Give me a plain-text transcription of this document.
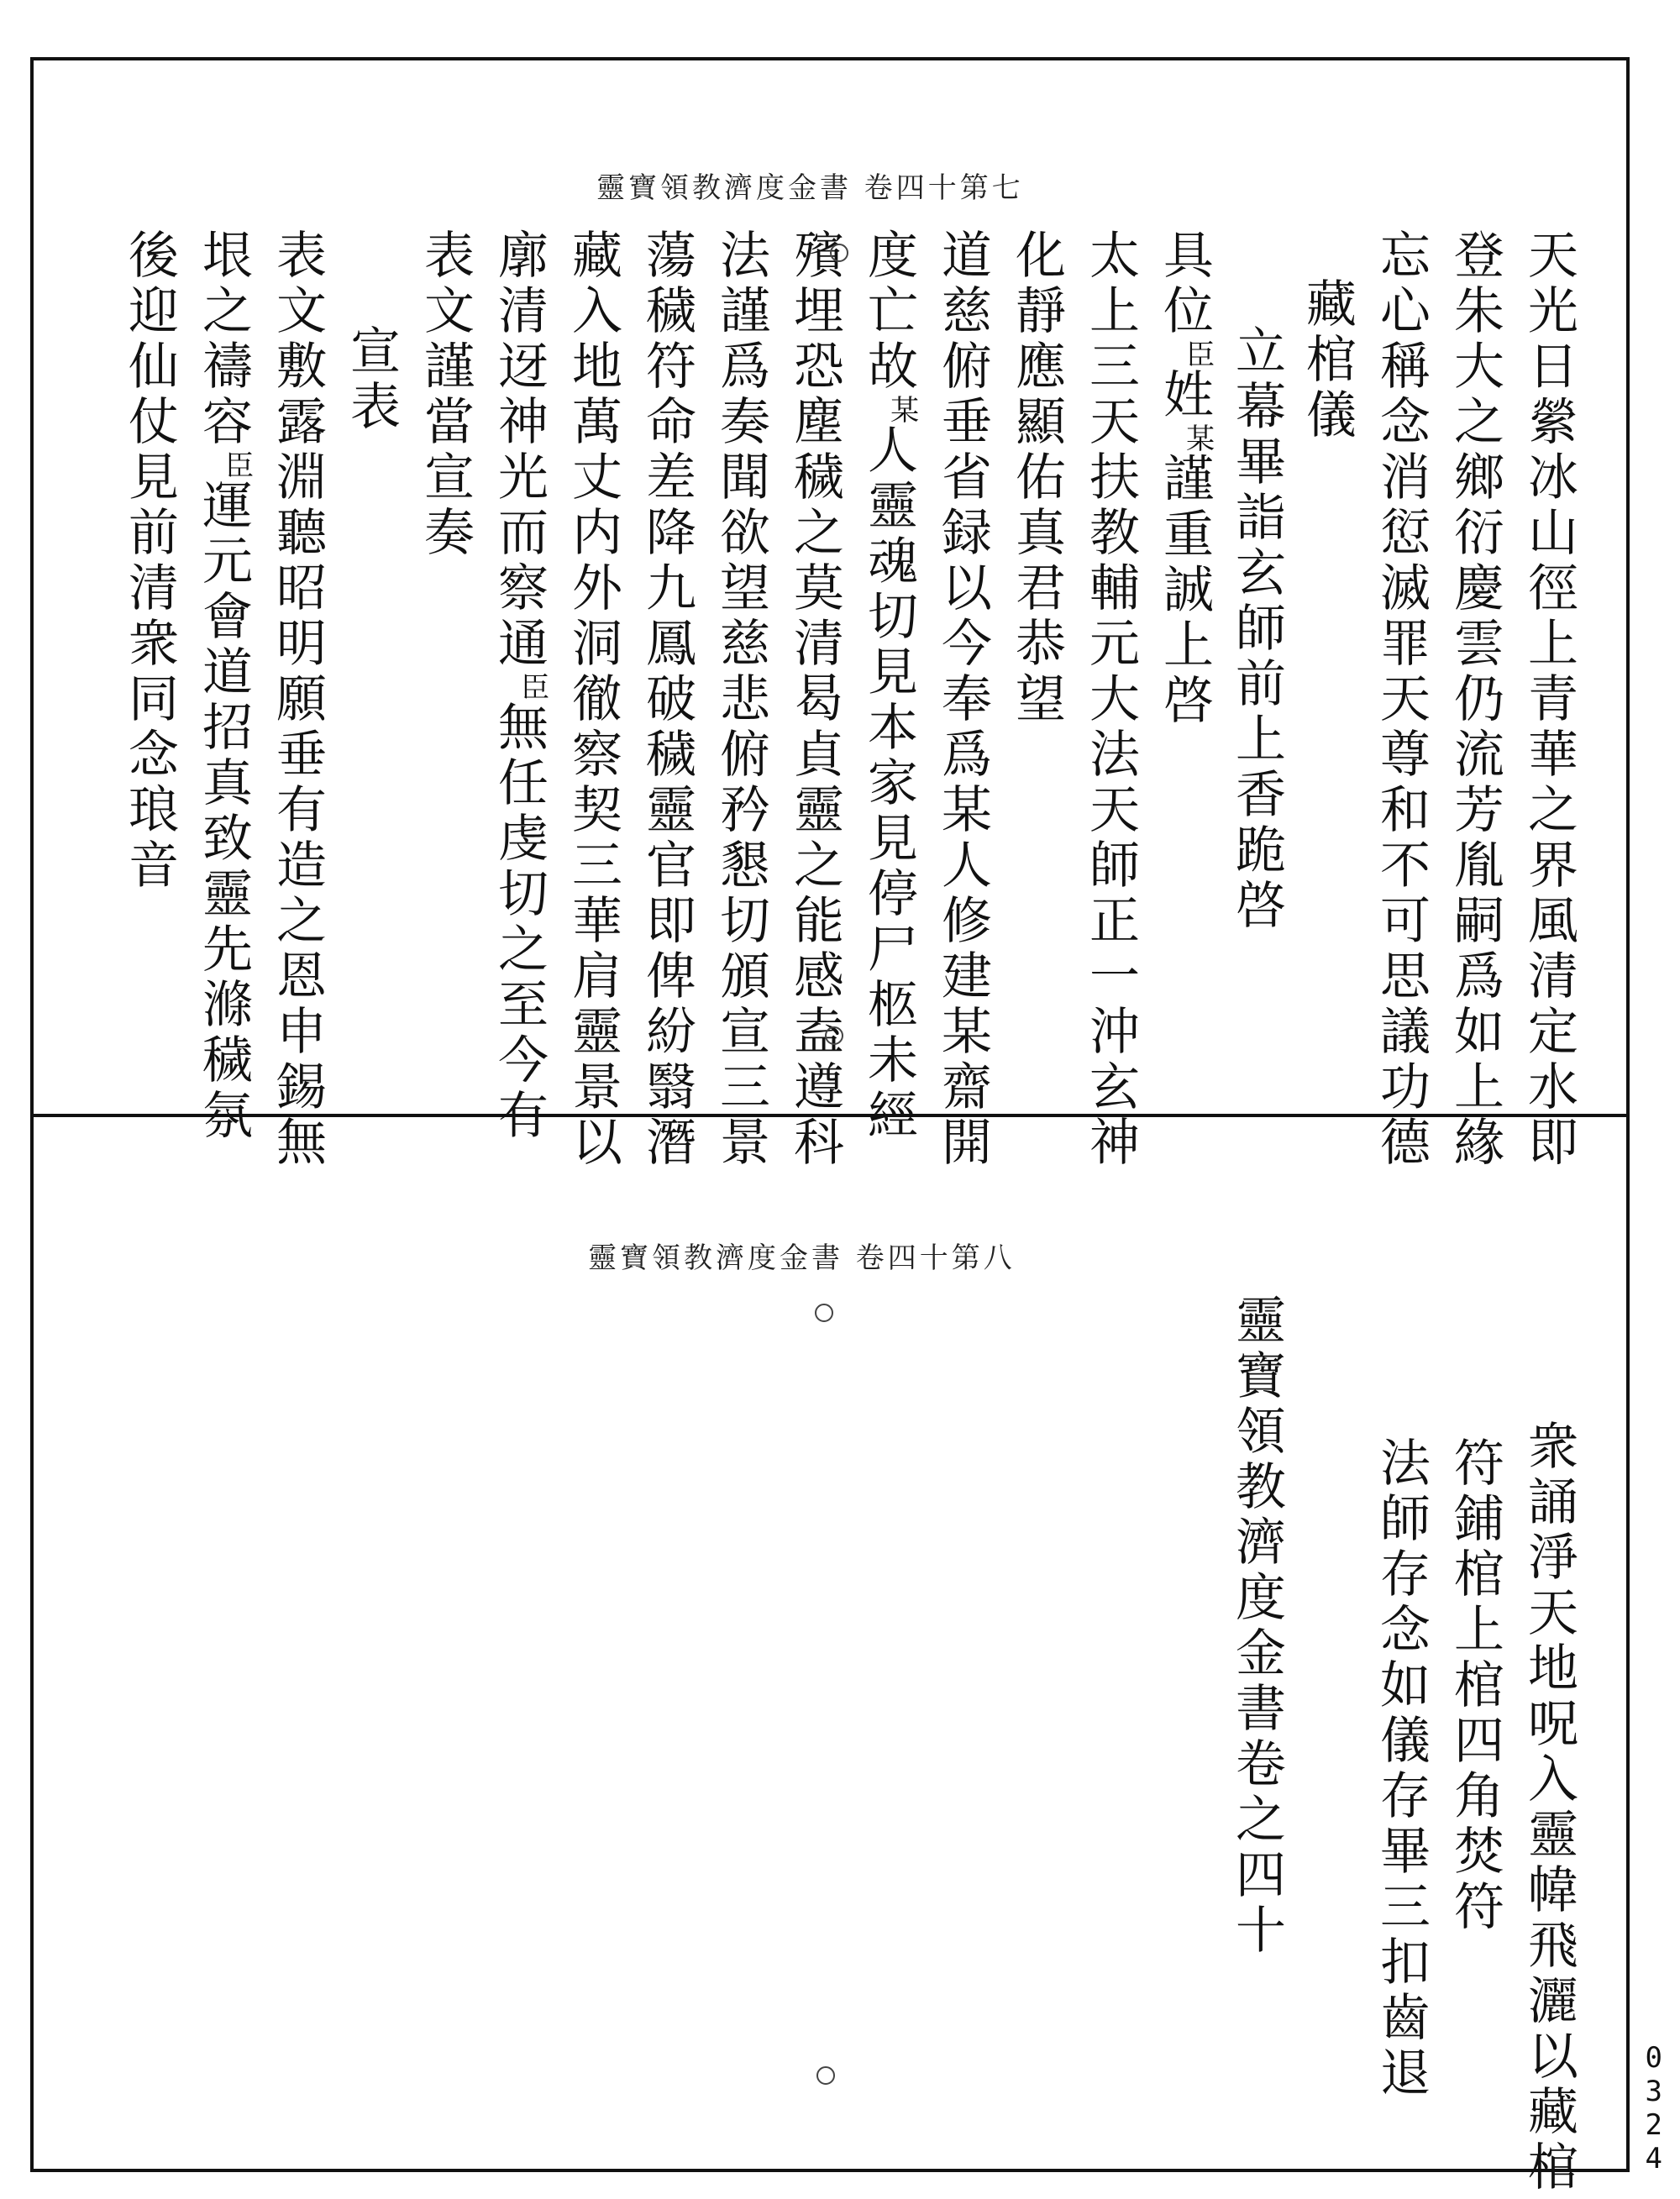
靈寶領教濟度金書 卷四十第七
天光日縈冰山徑上青華之界風清定水即
登朱大之鄉衍慶雲仍流芳胤嗣爲如上緣
忘心稱念消愆滅罪天尊和不可思議功德
藏棺儀
立幕畢詣玄師前上香跪啓
具位臣姓某謹重誠上啓
太上三天扶教輔元大法天師正一沖玄神
化靜應顯佑真君恭望
道慈俯垂省録以今奉爲某人修建某齋開
度亡故某人靈魂切見本家見停尸柩未經
殯埋恐塵穢之莫清曷貞靈之能感盍遵科
法謹爲奏聞欲望慈悲俯矜懇切頒宣三景
蕩穢符命差降九鳳破穢靈官即俾紛翳潛
藏入地萬丈内外洞徹察契三華肩靈景以
廓清迓神光而察通臣無任虔切之至今有
表文謹當宣奏
宣表
表文敷露淵聽昭明願垂有造之恩申錫無
垠之禱容臣運元會道招真致靈先滌穢氛
後迎仙仗見前清衆同念琅音
靈寶領教濟度金書 卷四十第八
衆誦淨天地呪入靈幃飛灑以藏棺
符鋪棺上棺四角焚符
法師存念如儀存畢三扣齒退
靈寶領教濟度金書卷之四十
0324
